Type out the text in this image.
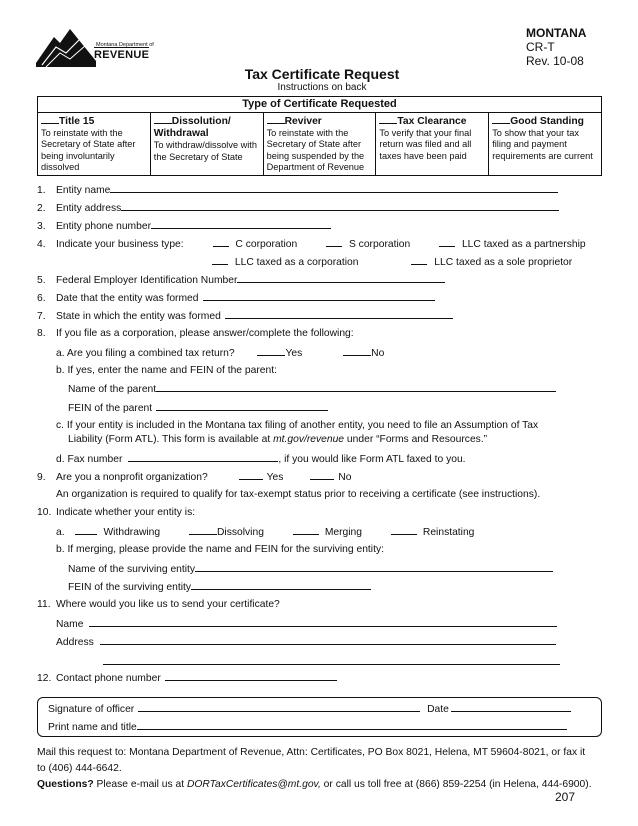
Montana Department of
REVENUE
MONTANA
CR-T
Rev. 10-08
Tax Certificate Request
Instructions on back
Type of Certificate Requested
Title 15
To reinstate with the Secretary of State after being involuntarily dissolved
Dissolution/ Withdrawal
To withdraw/dissolve with the Secretary of State
Reviver
To reinstate with the Secretary of State after being suspended by the Department of Revenue
Tax Clearance
To verify that your final return was filed and all taxes have been paid
Good Standing
To show that your tax filing and payment requirements are current
1. Entity name
2. Entity address
3. Entity phone number
4. Indicate your business type:	C corporation	S corporation	LLC taxed as a partnership
LLC taxed as a corporation	LLC taxed as a sole proprietor
5. Federal Employer Identification Number
6. Date that the entity was formed
7. State in which the entity was formed
8. If you file as a corporation, please answer/complete the following:
a. Are you filing a combined tax return?	Yes	No
b. If yes, enter the name and FEIN of the parent:
Name of the parent
FEIN of the parent
c. If your entity is included in the Montana tax filing of another entity, you need to file an Assumption of Tax
Liability (Form ATL). This form is available at mt.gov/revenue under “Forms and Resources.”
d. Fax number	, if you would like Form ATL faxed to you.
9. Are you a nonprofit organization?	Yes	No
An organization is required to qualify for tax-exempt status prior to receiving a certificate (see instructions).
10. Indicate whether your entity is:
a.	Withdrawing	Dissolving	Merging	Reinstating
b. If merging, please provide the name and FEIN for the surviving entity:
Name of the surviving entity
FEIN of the surviving entity
11. Where would you like us to send your certificate?
Name
Address
12. Contact phone number
Signature of officer	Date
Print name and title
Mail this request to: Montana Department of Revenue, Attn: Certificates, PO Box 8021, Helena, MT 59604-8021, or fax it
to (406) 444-6642.
Questions? Please e-mail us at DORTaxCertificates@mt.gov, or call us toll free at (866) 859-2254 (in Helena, 444-6900).
207
